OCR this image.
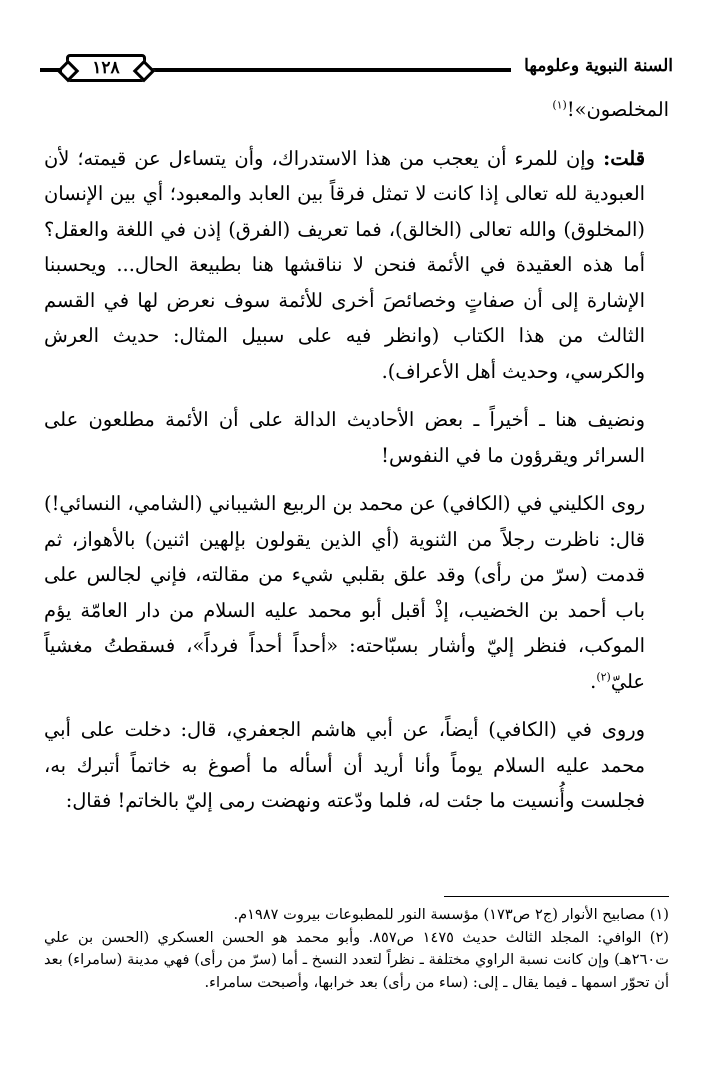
السنة النبوية وعلومها
١٢٨

المخلصون»!$^{(١)}$

قلت: وإن للمرء أن يعجب من هذا الاستدراك، وأن يتساءل عن قيمته؛ لأن العبودية لله تعالى إذا كانت لا تمثل فرقاً بين العابد والمعبود؛ أي بين الإنسان (المخلوق) والله تعالى (الخالق)، فما تعريف (الفرق) إذن في اللغة والعقل؟ أما هذه العقيدة في الأئمة فنحن لا نناقشها هنا بطبيعة الحال... ويحسبنا الإشارة إلى أن صفاتٍ وخصائصَ أخرى للأئمة سوف نعرض لها في القسم الثالث من هذا الكتاب (وانظر فيه على سبيل المثال: حديث العرش والكرسي، وحديث أهل الأعراف).

ونضيف هنا ـ أخيراً ـ بعض الأحاديث الدالة على أن الأئمة مطلعون على السرائر ويقرؤون ما في النفوس!

روى الكليني في (الكافي) عن محمد بن الربيع الشيباني (الشامي، النسائي!) قال: ناظرت رجلاً من الثنوية (أي الذين يقولون بإلهين اثنين) بالأهواز، ثم قدمت (سرّ من رأى) وقد علق بقلبي شيء من مقالته، فإني لجالس على باب أحمد بن الخضيب، إذْ أقبل أبو محمد عليه السلام من دار العامّة يؤم الموكب، فنظر إليّ وأشار بسبّاحته: «أحداً أحداً فرداً»، فسقطتُ مغشياً عليّ$^{(٢)}$.

وروى في (الكافي) أيضاً، عن أبي هاشم الجعفري، قال: دخلت على أبي محمد عليه السلام يوماً وأنا أريد أن أسأله ما أصوغ به خاتماً أتبرك به، فجلست وأُنسيت ما جئت له، فلما ودّعته ونهضت رمى إليّ بالخاتم! فقال:

(١) مصابيح الأنوار (ج٢ ص١٧٣) مؤسسة النور للمطبوعات بيروت ١٩٨٧م.

(٢) الوافي: المجلد الثالث حديث ١٤٧٥ ص٨٥٧. وأبو محمد هو الحسن العسكري (الحسن بن علي ت٢٦٠هـ) وإن كانت نسبة الراوي مختلفة ـ نظراً لتعدد النسخ ـ أما (سرّ من رأى) فهي مدينة (سامراء) بعد أن تحوّر اسمها ـ فيما يقال ـ إلى: (ساء من رأى) بعد خرابها، وأصبحت سامراء.
